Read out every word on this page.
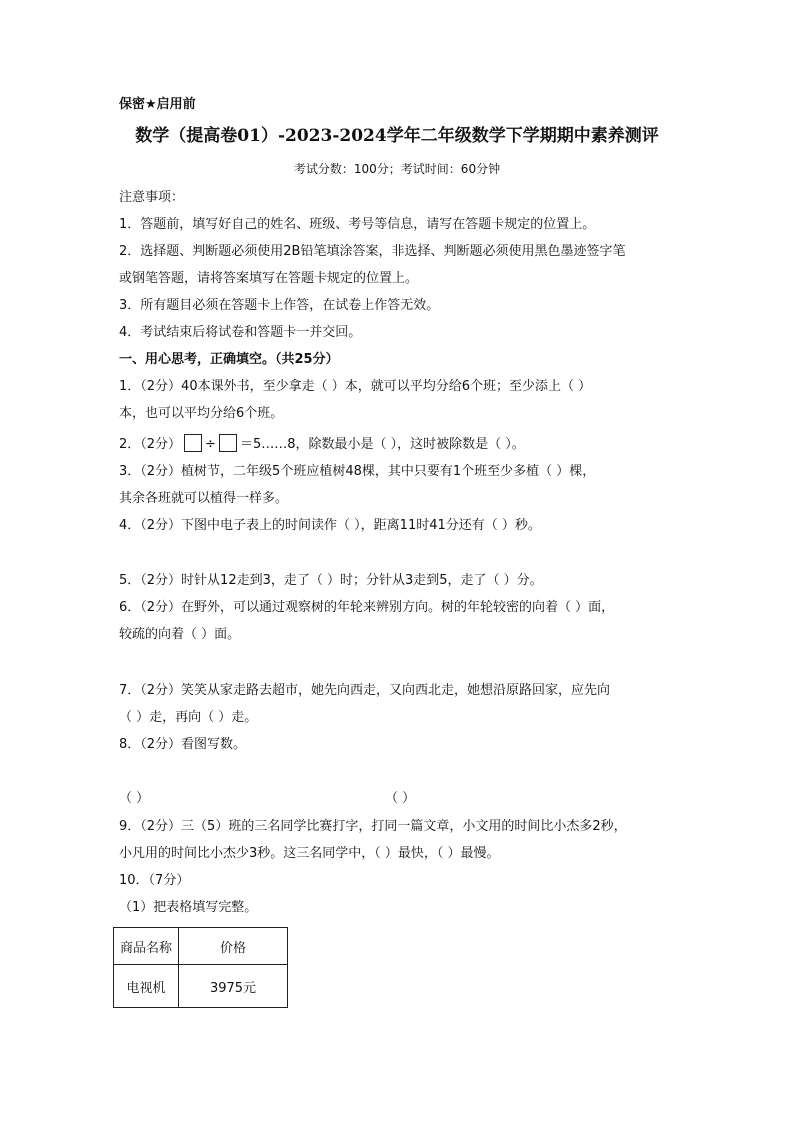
保密★启用前
数学（提高卷01）-2023-2024学年二年级数学下学期期中素养测评
考试分数：100分；考试时间：60分钟
注意事项：
1．答题前，填写好自己的姓名、班级、考号等信息，请写在答题卡规定的位置上。
2．选择题、判断题必须使用2B铅笔填涂答案，非选择、判断题必须使用黑色墨迹签字笔
或钢笔答题，请将答案填写在答题卡规定的位置上。
3．所有题目必须在答题卡上作答，在试卷上作答无效。
4．考试结束后将试卷和答题卡一并交回。
一、用心思考，正确填空。（共25分）
1．（2分）40本课外书，至少拿走（ ）本，就可以平均分给6个班；至少添上（ ）
本，也可以平均分给6个班。
2．（2分） ÷ ＝5……8，除数最小是（ ），这时被除数是（ ）。
3．（2分）植树节，二年级5个班应植树48棵，其中只要有1个班至少多植（ ）棵，
其余各班就可以植得一样多。
4．（2分）下图中电子表上的时间读作（ ），距离11时41分还有（ ）秒。
5．（2分）时针从12走到3，走了（ ）时；分针从3走到5，走了（ ）分。
6．（2分）在野外，可以通过观察树的年轮来辨别方向。树的年轮较密的向着（ ）面，
较疏的向着（ ）面。
7．（2分）笑笑从家走路去超市，她先向西走，又向西北走，她想沿原路回家，应先向
（ ）走，再向（ ）走。
8．（2分）看图写数。
（ ）	（ ）
9．（2分）三（5）班的三名同学比赛打字，打同一篇文章，小文用的时间比小杰多2秒，
小凡用的时间比小杰少3秒。这三名同学中，（ ）最快，（ ）最慢。
10．（7分）
（1）把表格填写完整。
商品名称	价格
电视机	3975元
